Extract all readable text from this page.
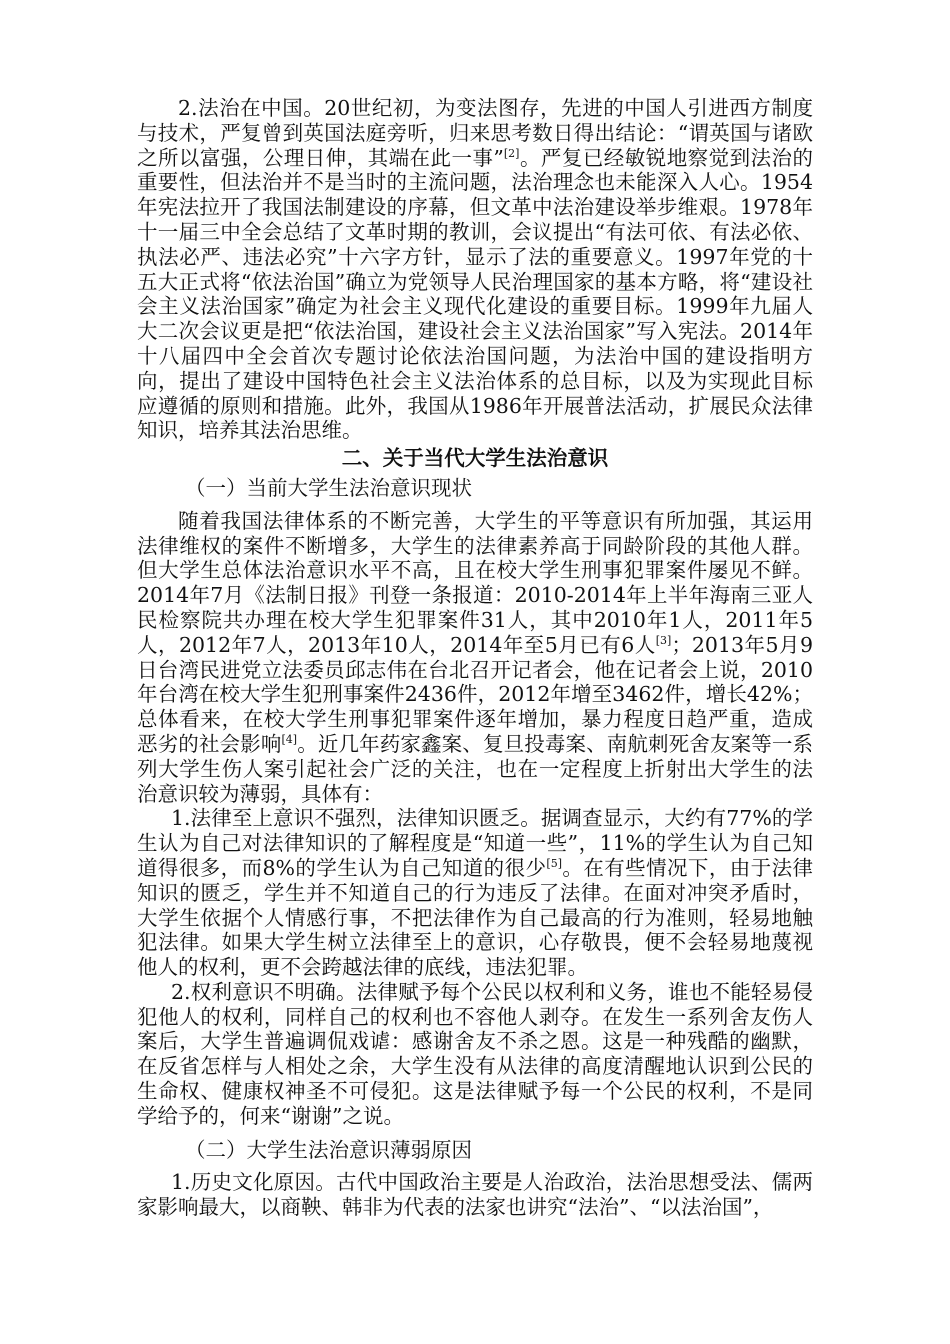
2.法治在中国。20世纪初，为变法图存，先进的中国人引进西方制度与技术，严复曾到英国法庭旁听，归来思考数日得出结论：“谓英国与诸欧之所以富强，公理日伸，其端在此一事”[2]。严复已经敏锐地察觉到法治的重要性，但法治并不是当时的主流问题，法治理念也未能深入人心。1954年宪法拉开了我国法制建设的序幕，但文革中法治建设举步维艰。1978年十一届三中全会总结了文革时期的教训，会议提出“有法可依、有法必依、执法必严、违法必究”十六字方针，显示了法的重要意义。1997年党的十五大正式将“依法治国”确立为党领导人民治理国家的基本方略，将“建设社会主义法治国家”确定为社会主义现代化建设的重要目标。1999年九届人大二次会议更是把“依法治国，建设社会主义法治国家”写入宪法。2014年十八届四中全会首次专题讨论依法治国问题，为法治中国的建设指明方向，提出了建设中国特色社会主义法治体系的总目标，以及为实现此目标应遵循的原则和措施。此外，我国从1986年开展普法活动，扩展民众法律知识，培养其法治思维。

二、关于当代大学生法治意识
（一）当前大学生法治意识现状

随着我国法律体系的不断完善，大学生的平等意识有所加强，其运用法律维权的案件不断增多，大学生的法律素养高于同龄阶段的其他人群。但大学生总体法治意识水平不高，且在校大学生刑事犯罪案件屡见不鲜。2014年7月《法制日报》刊登一条报道：2010-2014年上半年海南三亚人民检察院共办理在校大学生犯罪案件31人，其中2010年1人，2011年5人，2012年7人，2013年10人，2014年至5月已有6人[3]；2013年5月9日台湾民进党立法委员邱志伟在台北召开记者会，他在记者会上说，2010年台湾在校大学生犯刑事案件2436件，2012年增至3462件，增长42%；总体看来，在校大学生刑事犯罪案件逐年增加，暴力程度日趋严重，造成恶劣的社会影响[4]。近几年药家鑫案、复旦投毒案、南航刺死舍友案等一系列大学生伤人案引起社会广泛的关注，也在一定程度上折射出大学生的法治意识较为薄弱，具体有：

1.法律至上意识不强烈，法律知识匮乏。据调查显示，大约有77%的学生认为自己对法律知识的了解程度是“知道一些”，11%的学生认为自己知道得很多，而8%的学生认为自己知道的很少[5]。在有些情况下，由于法律知识的匮乏，学生并不知道自己的行为违反了法律。在面对冲突矛盾时，大学生依据个人情感行事，不把法律作为自己最高的行为准则，轻易地触犯法律。如果大学生树立法律至上的意识，心存敬畏，便不会轻易地蔑视他人的权利，更不会跨越法律的底线，违法犯罪。

2.权利意识不明确。法律赋予每个公民以权利和义务，谁也不能轻易侵犯他人的权利，同样自己的权利也不容他人剥夺。在发生一系列舍友伤人案后，大学生普遍调侃戏谑：感谢舍友不杀之恩。这是一种残酷的幽默，在反省怎样与人相处之余，大学生没有从法律的高度清醒地认识到公民的生命权、健康权神圣不可侵犯。这是法律赋予每一个公民的权利，不是同学给予的，何来“谢谢”之说。

（二）大学生法治意识薄弱原因

1.历史文化原因。古代中国政治主要是人治政治，法治思想受法、儒两家影响最大，以商鞅、韩非为代表的法家也讲究“法治”、“以法治国”，
